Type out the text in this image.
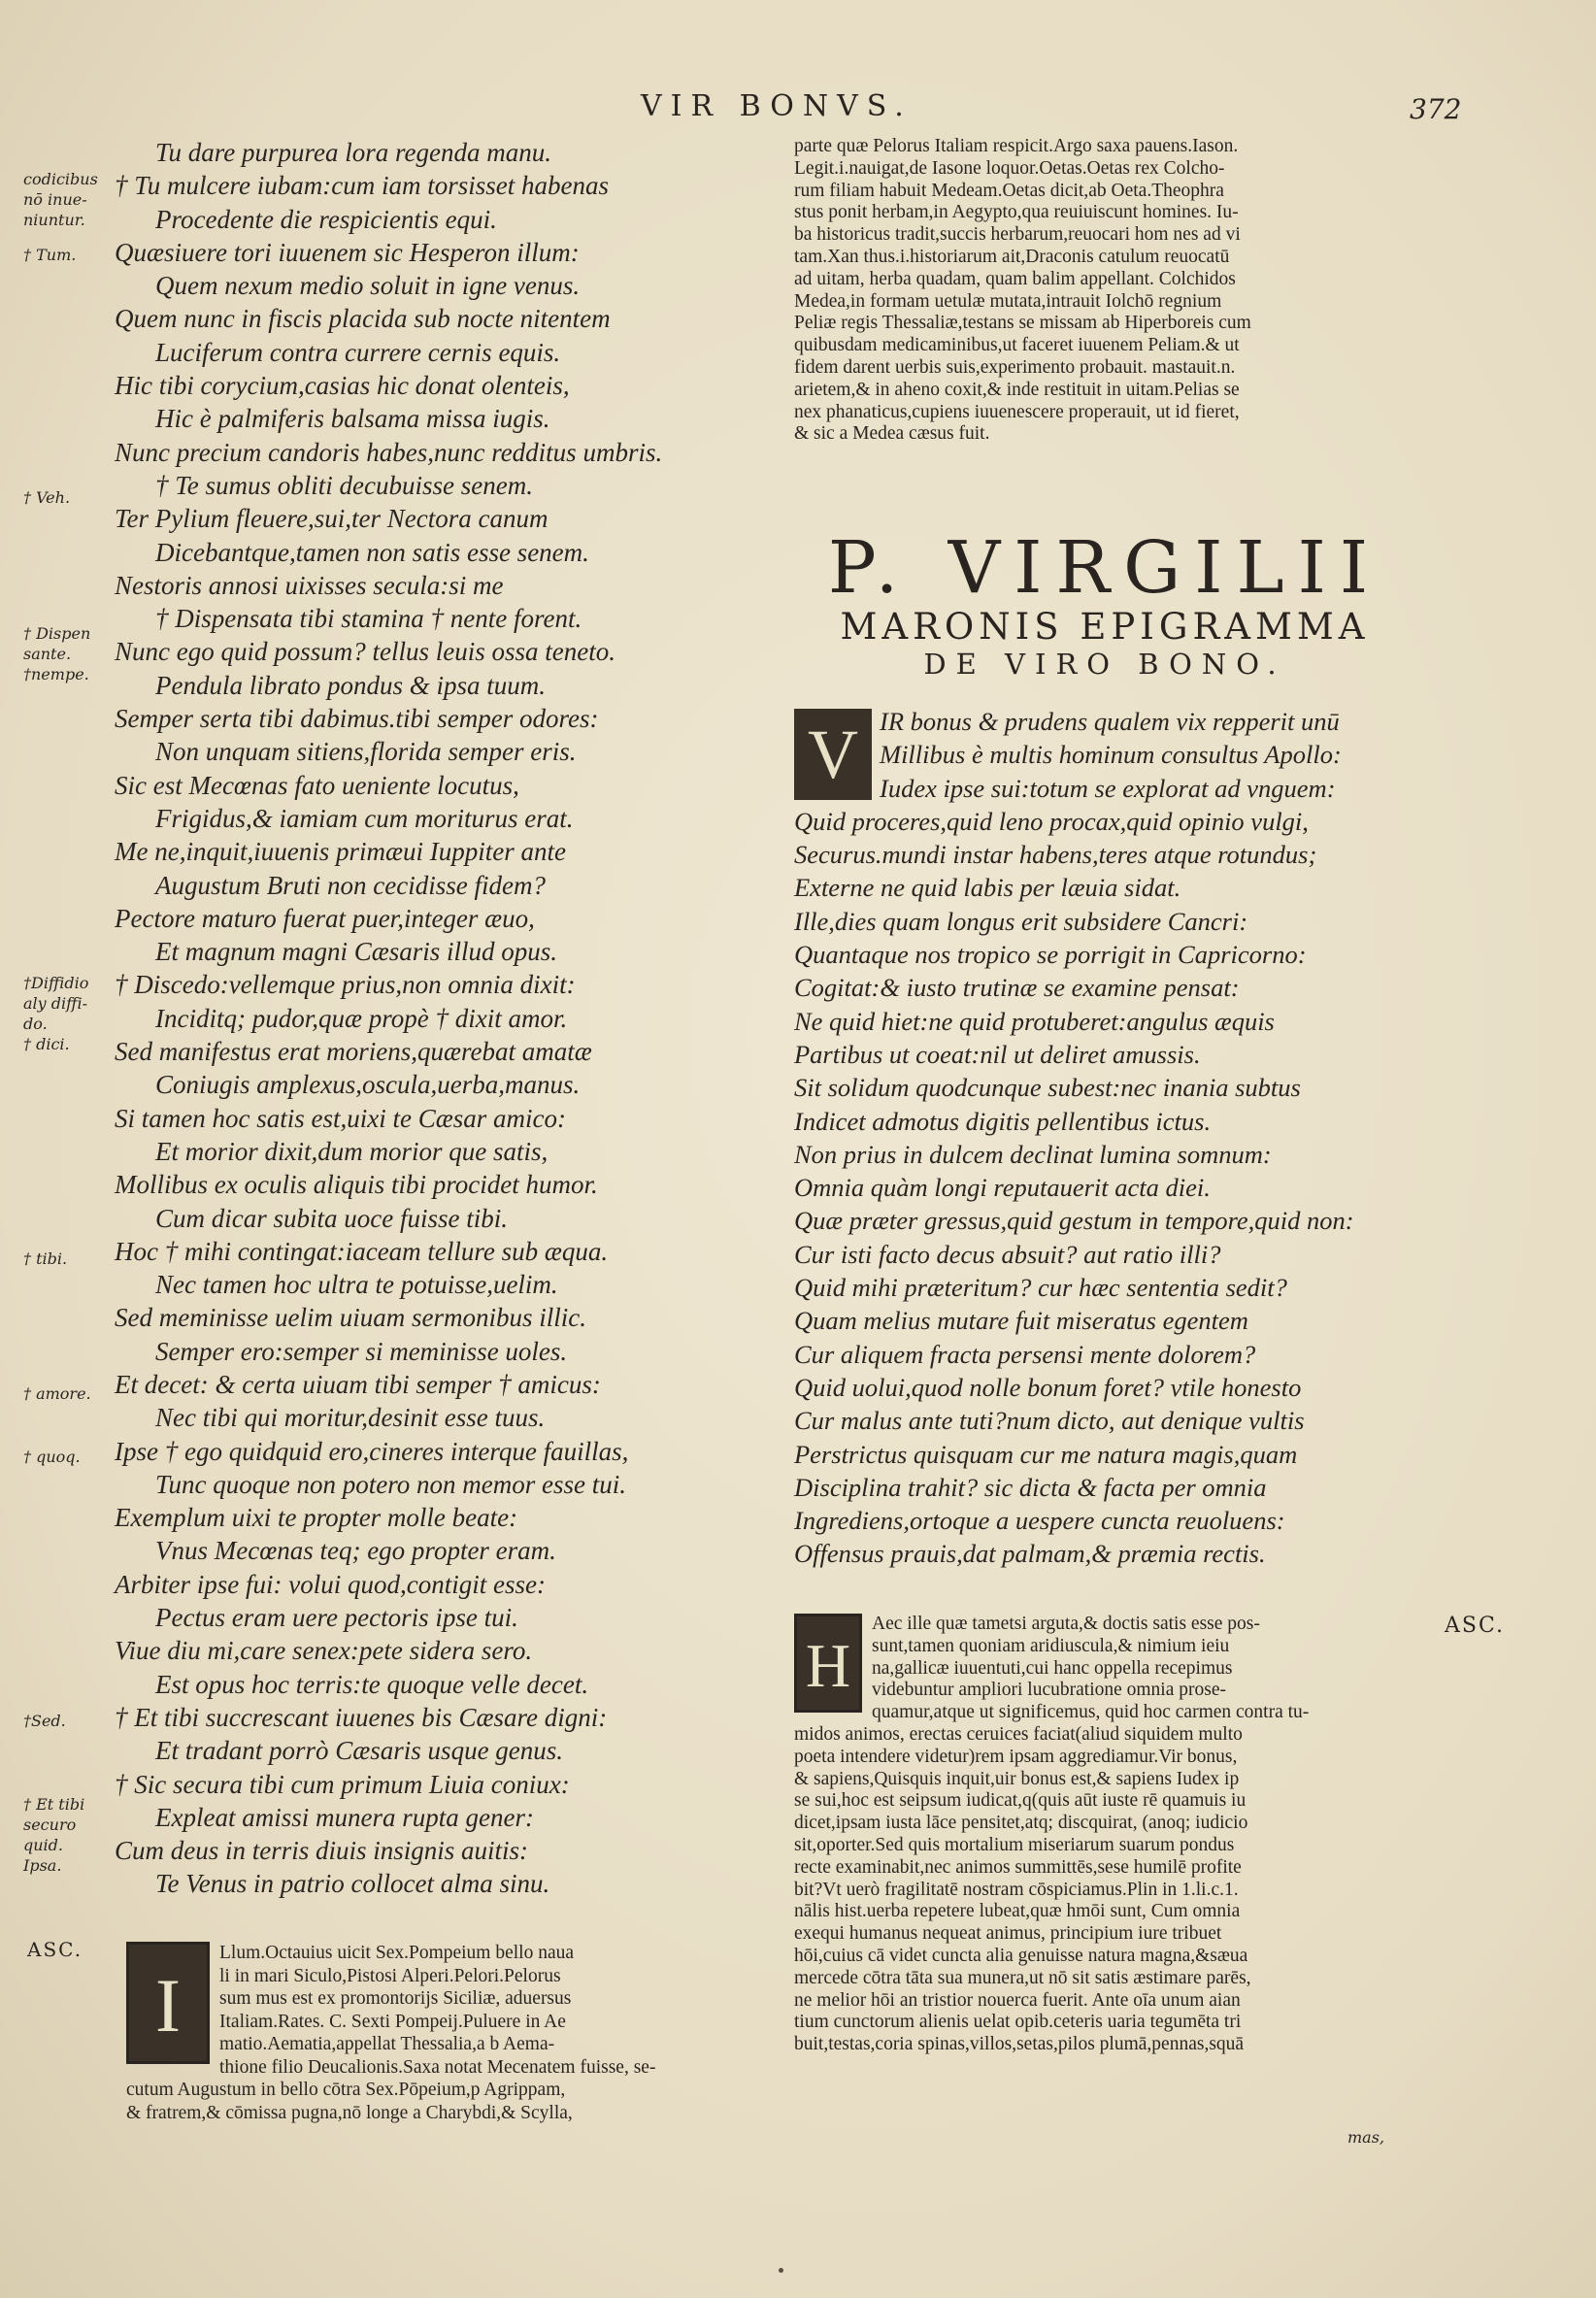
VIR BONVS.	372
codicibus
nō inue-
niuntur.
† Tum.
† Veh.
† Dispen
sante.
†nempe.
†Diffidio
aly diffi-
do.
† dici.
† tibi.
† amore.
† quoq.
†Sed.
† Et tibi
securo
quid.
Ipsa.
Tu dare purpurea lora regenda manu.
† Tu mulcere iubam:cum iam torsisset habenas
Procedente die respicientis equi.
Quæsiuere tori iuuenem sic Hesperon illum:
Quem nexum medio soluit in igne venus.
Quem nunc in fiscis placida sub nocte nitentem
Luciferum contra currere cernis equis.
Hic tibi corycium,casias hic donat olenteis,
Hic è palmiferis balsama missa iugis.
Nunc precium candoris habes,nunc redditus umbris.
† Te sumus obliti decubuisse senem.
Ter Pylium fleuere,sui,ter Nectora canum
Dicebantque,tamen non satis esse senem.
Nestoris annosi uixisses secula:si me
† Dispensata tibi stamina † nente forent.
Nunc ego quid possum? tellus leuis ossa teneto.
Pendula librato pondus & ipsa tuum.
Semper serta tibi dabimus.tibi semper odores:
Non unquam sitiens,florida semper eris.
Sic est Mecœnas fato ueniente locutus,
Frigidus,& iamiam cum moriturus erat.
Me ne,inquit,iuuenis primæui Iuppiter ante
Augustum Bruti non cecidisse fidem?
Pectore maturo fuerat puer,integer æuo,
Et magnum magni Cæsaris illud opus.
† Discedo:vellemque prius,non omnia dixit:
Inciditq; pudor,quæ propè † dixit amor.
Sed manifestus erat moriens,quærebat amatæ
Coniugis amplexus,oscula,uerba,manus.
Si tamen hoc satis est,uixi te Cæsar amico:
Et morior dixit,dum morior que satis,
Mollibus ex oculis aliquis tibi procidet humor.
Cum dicar subita uoce fuisse tibi.
Hoc † mihi contingat:iaceam tellure sub æqua.
Nec tamen hoc ultra te potuisse,uelim.
Sed meminisse uelim uiuam sermonibus illic.
Semper ero:semper si meminisse uoles.
Et decet: & certa uiuam tibi semper † amicus:
Nec tibi qui moritur,desinit esse tuus.
Ipse † ego quidquid ero,cineres interque fauillas,
Tunc quoque non potero non memor esse tui.
Exemplum uixi te propter molle beate:
Vnus Mecœnas teq; ego propter eram.
Arbiter ipse fui: volui quod,contigit esse:
Pectus eram uere pectoris ipse tui.
Viue diu mi,care senex:pete sidera sero.
Est opus hoc terris:te quoque velle decet.
† Et tibi succrescant iuuenes bis Cæsare digni:
Et tradant porrò Cæsaris usque genus.
† Sic secura tibi cum primum Liuia coniux:
Expleat amissi munera rupta gener:
Cum deus in terris diuis insignis auitis:
Te Venus in patrio collocet alma sinu.
ASC.
I
Llum.Octauius uicit Sex.Pompeium bello naua
li in mari Siculo,Pistosi Alperi.Pelori.Pelorus
sum mus est ex promontorijs Siciliæ, aduersus
Italiam.Rates. C. Sexti Pompeij.Puluere in Ae
matio.Aematia,appellat Thessalia,a b Aema-
thione filio Deucalionis.Saxa notat Mecenatem fuisse, se-
cutum Augustum in bello cōtra Sex.Pōpeium,p Agrippam,
& fratrem,& cōmissa pugna,nō longe a Charybdi,& Scylla,
parte quæ Pelorus Italiam respicit.Argo saxa pauens.Iason.
Legit.i.nauigat,de Iasone loquor.Oetas.Oetas rex Colcho-
rum filiam habuit Medeam.Oetas dicit,ab Oeta.Theophra
stus ponit herbam,in Aegypto,qua reuiuiscunt homines. Iu-
ba historicus tradit,succis herbarum,reuocari hom nes ad vi
tam.Xan thus.i.historiarum ait,Draconis catulum reuocatū
ad uitam, herba quadam, quam balim appellant. Colchidos
Medea,in formam uetulæ mutata,intrauit Iolchō regnium
Peliæ regis Thessaliæ,testans se missam ab Hiperboreis cum
quibusdam medicaminibus,ut faceret iuuenem Peliam.& ut
fidem darent uerbis suis,experimento probauit. mastauit.n.
arietem,& in aheno coxit,& inde restituit in uitam.Pelias se
nex phanaticus,cupiens iuuenescere properauit, ut id fieret,
& sic a Medea cæsus fuit.
P. VIRGILII
MARONIS EPIGRAMMA
DE VIRO BONO.
V IR bonus & prudens qualem vix repperit unū
Millibus è multis hominum consultus Apollo:
Iudex ipse sui:totum se explorat ad vnguem:
Quid proceres,quid leno procax,quid opinio vulgi,
Securus.mundi instar habens,teres atque rotundus;
Externe ne quid labis per læuia sidat.
Ille,dies quam longus erit subsidere Cancri:
Quantaque nos tropico se porrigit in Capricorno:
Cogitat:& iusto trutinæ se examine pensat:
Ne quid hiet:ne quid protuberet:angulus æquis
Partibus ut coeat:nil ut deliret amussis.
Sit solidum quodcunque subest:nec inania subtus
Indicet admotus digitis pellentibus ictus.
Non prius in dulcem declinat lumina somnum:
Omnia quàm longi reputauerit acta diei.
Quæ præter gressus,quid gestum in tempore,quid non:
Cur isti facto decus absuit? aut ratio illi?
Quid mihi præteritum? cur hæc sententia sedit?
Quam melius mutare fuit miseratus egentem
Cur aliquem fracta persensi mente dolorem?
Quid uolui,quod nolle bonum foret? vtile honesto
Cur malus ante tuti?num dicto, aut denique vultis
Perstrictus quisquam cur me natura magis,quam
Disciplina trahit? sic dicta & facta per omnia
Ingrediens,ortoque a uespere cuncta reuoluens:
Offensus prauis,dat palmam,& præmia rectis.
ASC.
H
Aec ille quæ tametsi arguta,& doctis satis esse pos-
sunt,tamen quoniam aridiuscula,& nimium ieiu
na,gallicæ iuuentuti,cui hanc oppella recepimus
videbuntur ampliori lucubratione omnia prose-
quamur,atque ut significemus, quid hoc carmen contra tu-
midos animos, erectas ceruices faciat(aliud siquidem multo
poeta intendere videtur)rem ipsam aggrediamur.Vir bonus,
& sapiens,Quisquis inquit,uir bonus est,& sapiens Iudex ip
se sui,hoc est seipsum iudicat,q(quis aūt iuste rē quamuis iu
dicet,ipsam iusta lāce pensitet,atq; discquirat, (anoq; iudicio
sit,oporter.Sed quis mortalium miseriarum suarum pondus
recte examinabit,nec animos summittēs,sese humilē profite
bit?Vt uerò fragilitatē nostram cōspiciamus.Plin in 1.li.c.1.
nālis hist.uerba repetere lubeat,quæ hmōi sunt, Cum omnia
exequi humanus nequeat animus, principium iure tribuet
hōi,cuius cā videt cuncta alia genuisse natura magna,&sæua
mercede cōtra tāta sua munera,ut nō sit satis æstimare parēs,
ne melior hōi an tristior nouerca fuerit. Ante oīa unum aian
tium cunctorum alienis uelat opib.ceteris uaria tegumēta tri
buit,testas,coria spinas,villos,setas,pilos plumā,pennas,squā
mas,
